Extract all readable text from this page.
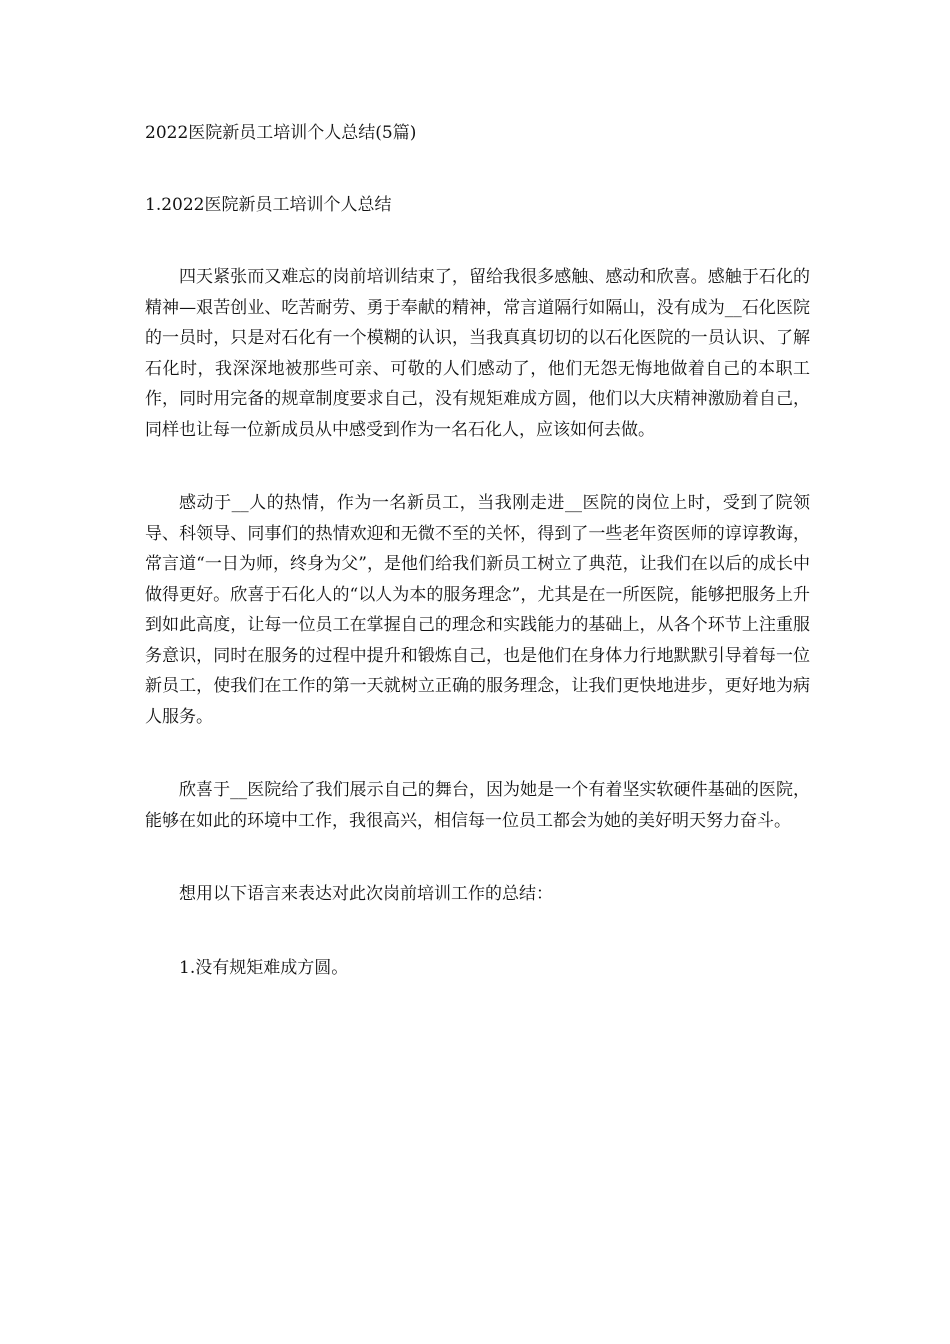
2022医院新员工培训个人总结(5篇)
1.2022医院新员工培训个人总结

四天紧张而又难忘的岗前培训结束了，留给我很多感触、感动和欣喜。感触于石化的精神—艰苦创业、吃苦耐劳、勇于奉献的精神，常言道隔行如隔山，没有成为__石化医院的一员时，只是对石化有一个模糊的认识，当我真真切切的以石化医院的一员认识、了解石化时，我深深地被那些可亲、可敬的人们感动了，他们无怨无悔地做着自己的本职工作，同时用完备的规章制度要求自己，没有规矩难成方圆，他们以大庆精神激励着自己，同样也让每一位新成员从中感受到作为一名石化人，应该如何去做。

感动于__人的热情，作为一名新员工，当我刚走进__医院的岗位上时，受到了院领导、科领导、同事们的热情欢迎和无微不至的关怀，得到了一些老年资医师的谆谆教诲，常言道“一日为师，终身为父”，是他们给我们新员工树立了典范，让我们在以后的成长中做得更好。欣喜于石化人的“以人为本的服务理念”，尤其是在一所医院，能够把服务上升到如此高度，让每一位员工在掌握自己的理念和实践能力的基础上，从各个环节上注重服务意识，同时在服务的过程中提升和锻炼自己，也是他们在身体力行地默默引导着每一位新员工，使我们在工作的第一天就树立正确的服务理念，让我们更快地进步，更好地为病人服务。

欣喜于__医院给了我们展示自己的舞台，因为她是一个有着坚实软硬件基础的医院，能够在如此的环境中工作，我很高兴，相信每一位员工都会为她的美好明天努力奋斗。

想用以下语言来表达对此次岗前培训工作的总结：

1.没有规矩难成方圆。
